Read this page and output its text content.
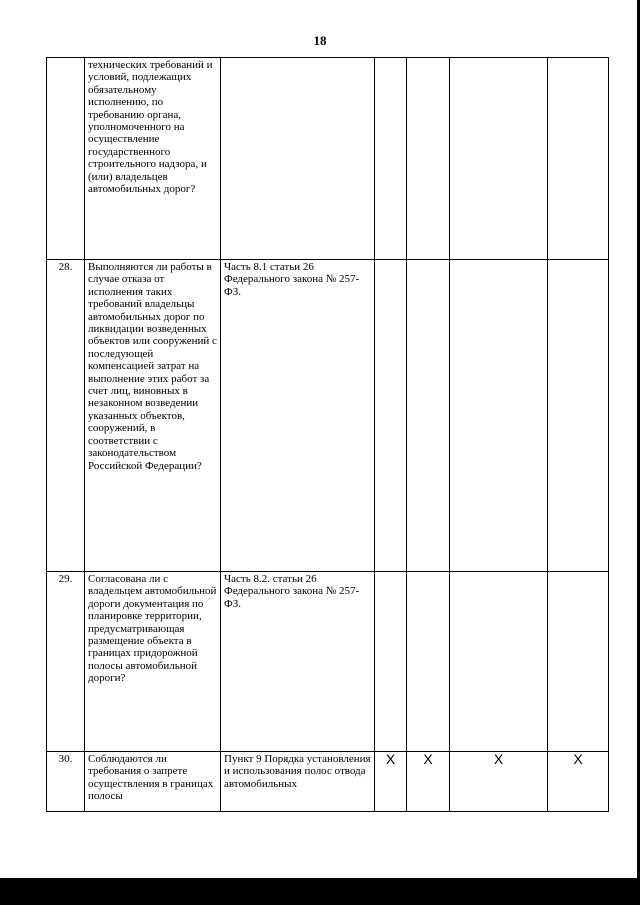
18
	технических требований и условий, подлежащих обязательному исполнению, по требованию органа, уполномоченного на осуществление государственного строительного надзора, и (или) владельцев автомобильных дорог?					
28.	Выполняются ли работы в случае отказа от исполнения таких требований владельцы автомобильных дорог по ликвидации возведенных объектов или сооружений с последующей компенсацией затрат на выполнение этих работ за счет лиц, виновных в незаконном возведении указанных объектов, сооружений, в соответствии с законодательством Российской Федерации?	Часть 8.1 статьи 26 Федерального закона № 257-ФЗ.				
29.	Согласована ли с владельцем автомобильной дороги документация по планировке территории, предусматривающая размещение объекта в границах придорожной полосы автомобильной дороги?	Часть 8.2. статьи 26 Федерального закона № 257-ФЗ.				
30.	Соблюдаются ли требования о запрете осуществления в границах полосы	Пункт 9 Порядка установления и использования полос отвода автомобильных	X	X	X	X
